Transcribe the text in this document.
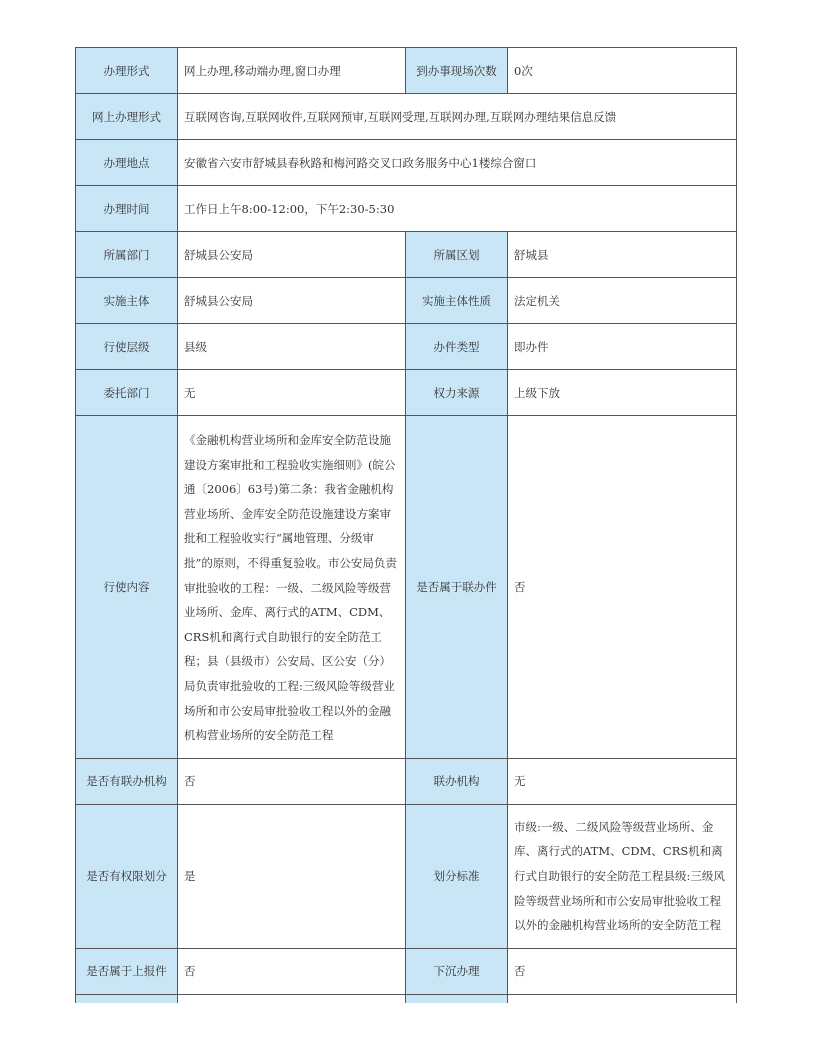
办理形式	网上办理,移动端办理,窗口办理	到办事现场次数	0次
网上办理形式	互联网咨询,互联网收件,互联网预审,互联网受理,互联网办理,互联网办理结果信息反馈		
办理地点	安徽省六安市舒城县春秋路和梅河路交叉口政务服务中心1楼综合窗口		
办理时间	工作日上午8:00-12:00，下午2:30-5:30		
所属部门	舒城县公安局	所属区划	舒城县
实施主体	舒城县公安局	实施主体性质	法定机关
行使层级	县级	办件类型	即办件
委托部门	无	权力来源	上级下放
行使内容	《金融机构营业场所和金库安全防范设施建设方案审批和工程验收实施细则》(皖公通〔2006〕63号)第二条：我省金融机构营业场所、金库安全防范设施建设方案审批和工程验收实行“属地管理、分级审批”的原则，不得重复验收。市公安局负责审批验收的工程：一级、二级风险等级营业场所、金库、离行式的ATM、CDM、CRS机和离行式自助银行的安全防范工程；县（县级市）公安局、区公安（分）局负责审批验收的工程:三级风险等级营业场所和市公安局审批验收工程以外的金融机构营业场所的安全防范工程	是否属于联办件	否
是否有联办机构	否	联办机构	无
是否有权限划分	是	划分标准	市级:一级、二级风险等级营业场所、金库、离行式的ATM、CDM、CRS机和离行式自助银行的安全防范工程县级:三级风险等级营业场所和市公安局审批验收工程以外的金融机构营业场所的安全防范工程
是否属于上报件	否	下沉办理	否
